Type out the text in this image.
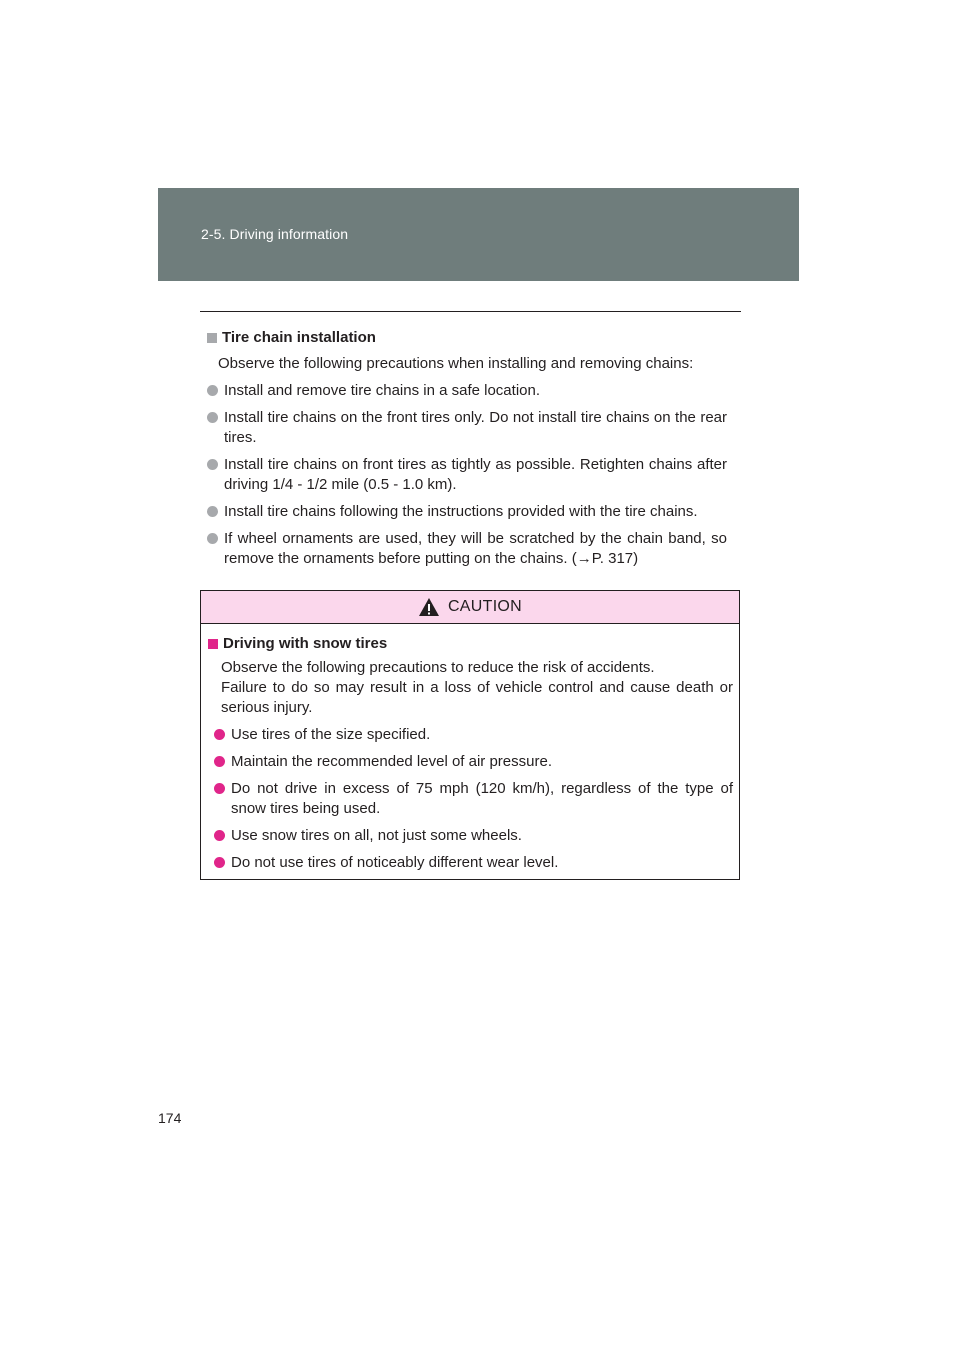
2-5. Driving information
Tire chain installation
Observe the following precautions when installing and removing chains:
Install and remove tire chains in a safe location.
Install tire chains on the front tires only. Do not install tire chains on the rear tires.
Install tire chains on front tires as tightly as possible. Retighten chains after driving 1/4 - 1/2 mile (0.5 - 1.0 km).
Install tire chains following the instructions provided with the tire chains.
If wheel ornaments are used, they will be scratched by the chain band, so remove the ornaments before putting on the chains. (→P. 317)
CAUTION
Driving with snow tires
Observe the following precautions to reduce the risk of accidents.
Failure to do so may result in a loss of vehicle control and cause death or serious injury.
Use tires of the size specified.
Maintain the recommended level of air pressure.
Do not drive in excess of 75 mph (120 km/h), regardless of the type of snow tires being used.
Use snow tires on all, not just some wheels.
Do not use tires of noticeably different wear level.
174
